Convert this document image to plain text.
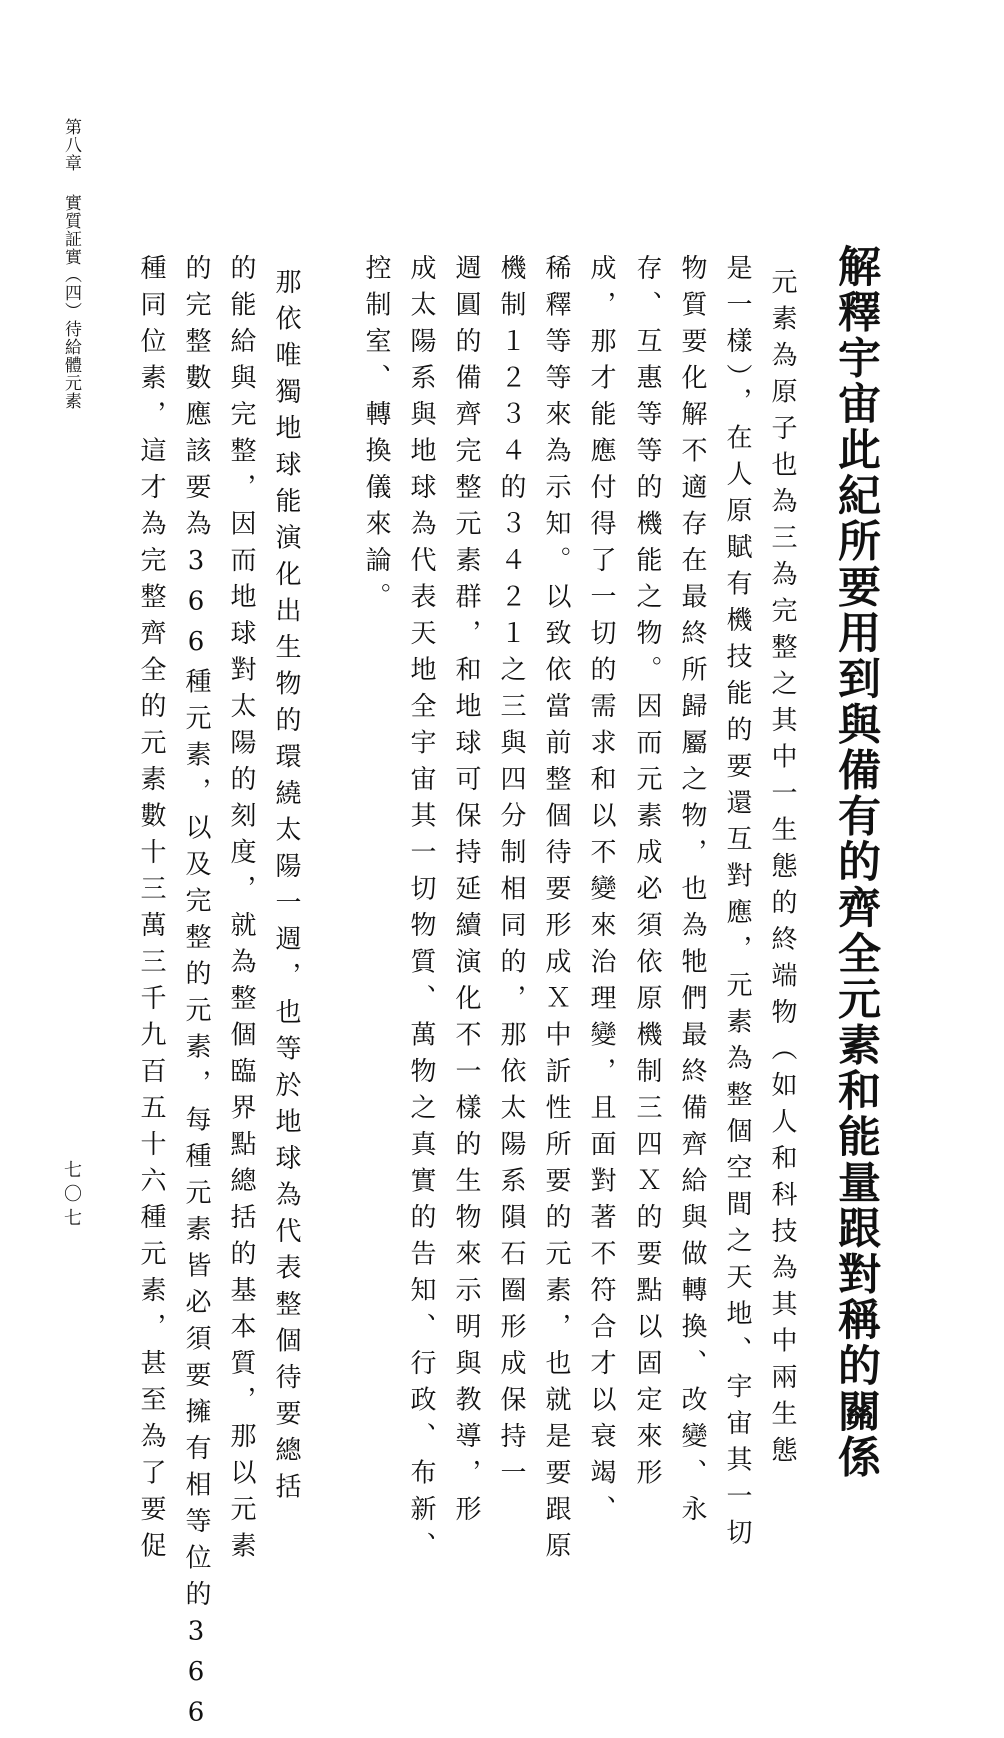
解釋宇宙此紀所要用到與備有的齊全元素和能量跟對稱的關係

元素為原子也為三為完整之其中一生態的終端物（如人和科技為其中兩生態

是一樣），在人原賦有機技能的要還互對應，元素為整個空間之天地、宇宙其一切

物質要化解不適存在最終所歸屬之物，也為牠們最終備齊給與做轉換、改變、永

存、互惠等等的機能之物。因而元素成必須依原機制三四Ｘ的要點以固定來形

成，那才能應付得了一切的需求和以不變來治理變，且面對著不符合才以衰竭、

稀釋等等來為示知。以致依當前整個待要形成Ｘ中訢性所要的元素，也就是要跟原

機制１２３４的３４２１之三與四分制相同的，那依太陽系隕石圈形成保持一

週圓的備齊完整元素群，和地球可保持延續演化不一樣的生物來示明與教導，形

成太陽系與地球為代表天地全宇宙其一切物質、萬物之真實的告知、行政、布新、

控制室、轉換儀來論。

那依唯獨地球能演化出生物的環繞太陽一週，也等於地球為代表整個待要總括

的能給與完整，因而地球對太陽的刻度，就為整個臨界點總括的基本質，那以元素

的完整數應該要為366種元素，以及完整的元素，每種元素皆必須要擁有相等位的366

種同位素，這才為完整齊全的元素數十三萬三千九百五十六種元素，甚至為了要促

第八章實質証實（四）待給體元素
七〇七
